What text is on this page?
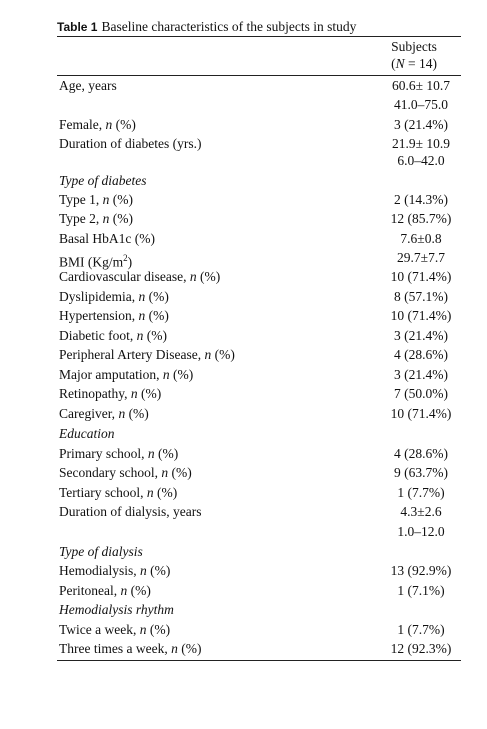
Table 1 Baseline characteristics of the subjects in study
Subjects
(N = 14)
Age, years	60.6± 10.7
41.0–75.0
Female, n (%)	3 (21.4%)
Duration of diabetes (yrs.)	21.9± 10.9
6.0–42.0
Type of diabetes
Type 1, n (%)	2 (14.3%)
Type 2, n (%)	12 (85.7%)
Basal HbA1c (%)	7.6±0.8
BMI $(Kg/m^2)$	29.7±7.7
Cardiovascular disease, n (%)	10 (71.4%)
Dyslipidemia, n (%)	8 (57.1%)
Hypertension, n (%)	10 (71.4%)
Diabetic foot, n (%)	3 (21.4%)
Peripheral Artery Disease, n (%)	4 (28.6%)
Major amputation, n (%)	3 (21.4%)
Retinopathy, n (%)	7 (50.0%)
Caregiver, n (%)	10 (71.4%)
Education
Primary school, n (%)	4 (28.6%)
Secondary school, n (%)	9 (63.7%)
Tertiary school, n (%)	1 (7.7%)
Duration of dialysis, years	4.3±2.6
1.0–12.0
Type of dialysis
Hemodialysis, n (%)	13 (92.9%)
Peritoneal, n (%)	1 (7.1%)
Hemodialysis rhythm
Twice a week, n (%)	1 (7.7%)
Three times a week, n (%)	12 (92.3%)
